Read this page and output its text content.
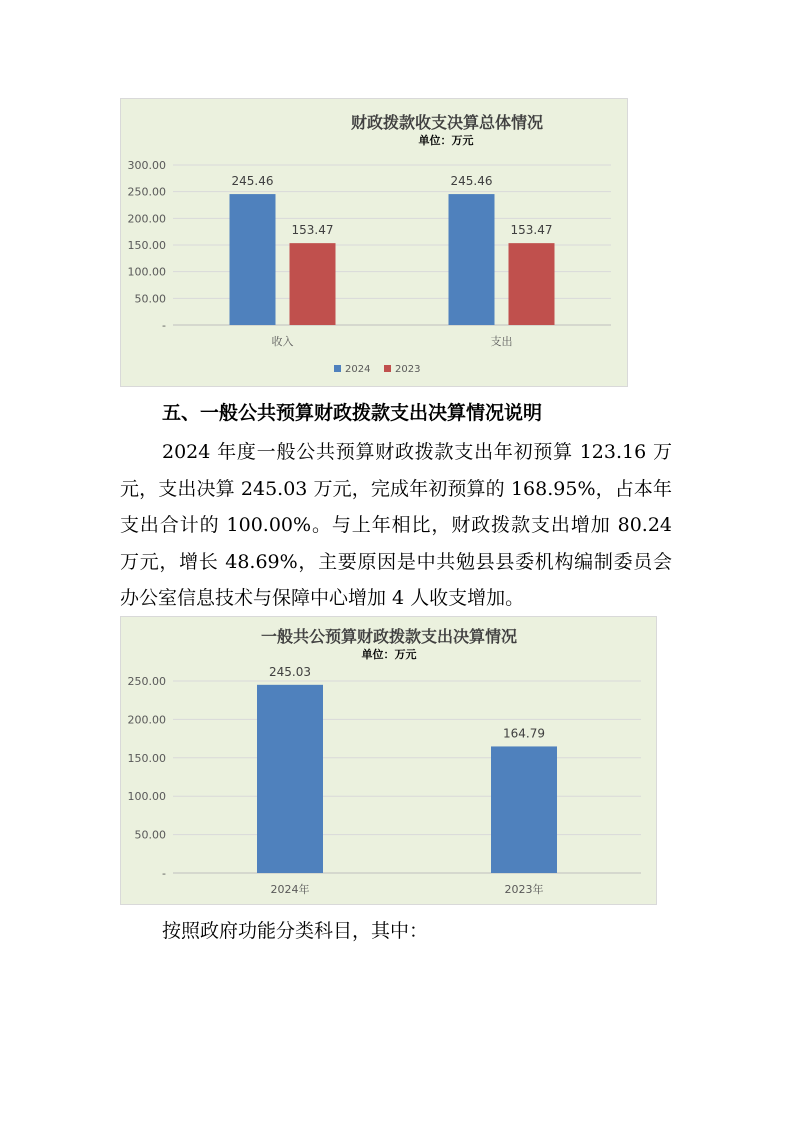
财政拨款收支决算总体情况
单位：万元
-
50.00
100.00
150.00
200.00
250.00
300.00
245.46
153.47
收入
245.46
153.47
支出
2024 2023
五、一般公共预算财政拨款支出决算情况说明

2024 年度一般公共预算财政拨款支出年初预算 123.16 万元，支出决算 245.03 万元，完成年初预算的 168.95%，占本年支出合计的 100.00%。与上年相比，财政拨款支出增加 80.24 万元，增长 48.69%，主要原因是中共勉县县委机构编制委员会办公室信息技术与保障中心增加 4 人收支增加。

一般共公预算财政拨款支出决算情况
单位：万元
-
50.00
100.00
150.00
200.00
250.00
245.03
2024年
164.79
2023年
按照政府功能分类科目，其中：
